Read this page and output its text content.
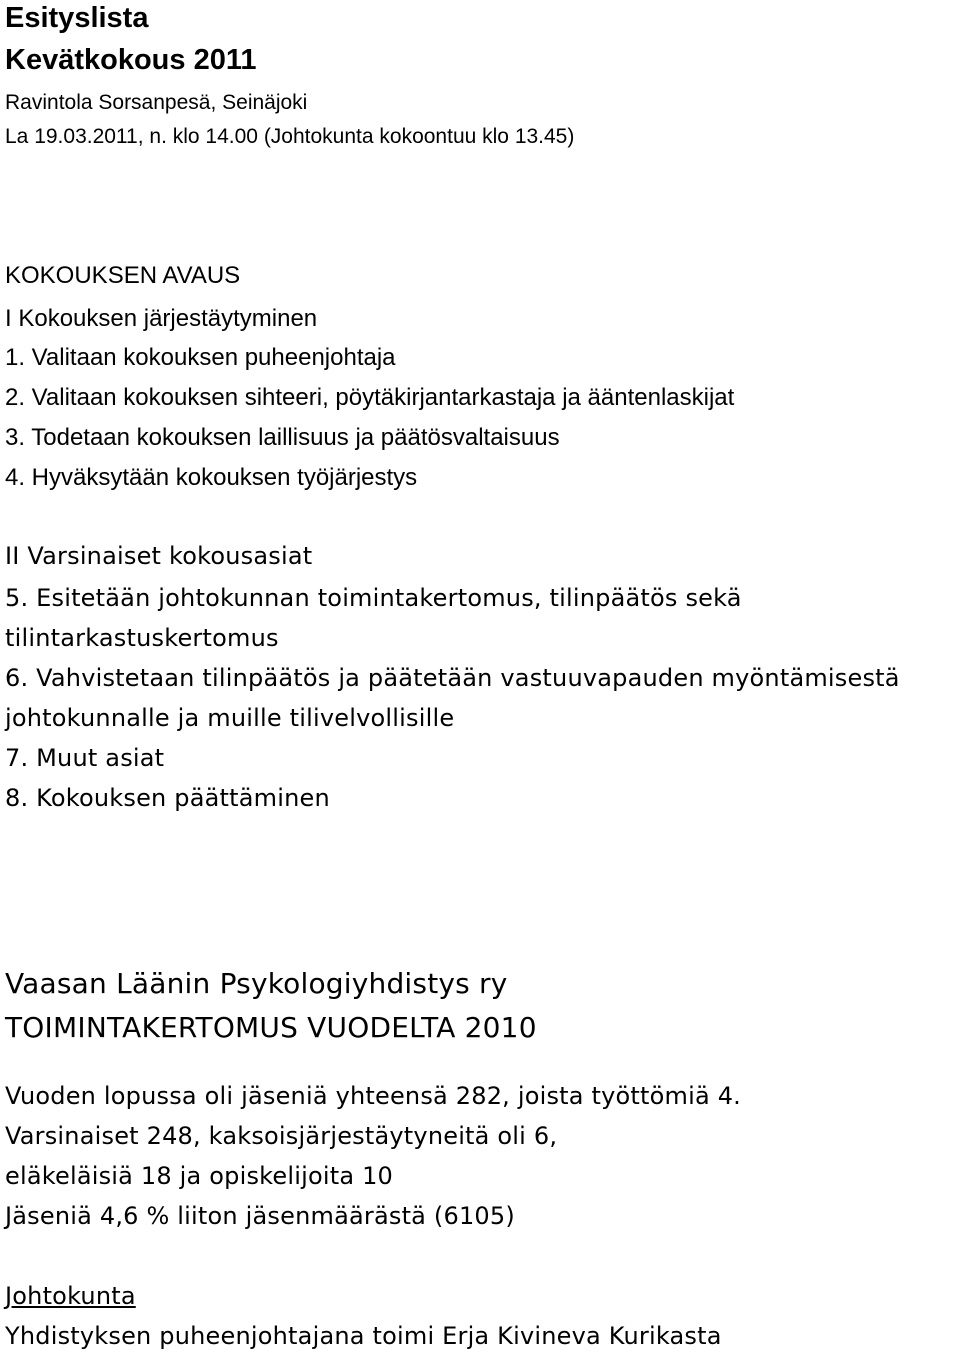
Esityslista
Kevätkokous 2011
Ravintola Sorsanpesä, Seinäjoki
La 19.03.2011, n. klo 14.00 (Johtokunta kokoontuu klo 13.45)
KOKOUKSEN AVAUS
I Kokouksen järjestäytyminen
1. Valitaan kokouksen puheenjohtaja
2. Valitaan kokouksen sihteeri, pöytäkirjantarkastaja ja ääntenlaskijat
3. Todetaan kokouksen laillisuus ja päätösvaltaisuus
4. Hyväksytään kokouksen työjärjestys
II Varsinaiset kokousasiat
5. Esitetään johtokunnan toimintakertomus, tilinpäätös sekä
tilintarkastuskertomus
6. Vahvistetaan tilinpäätös ja päätetään vastuuvapauden myöntämisestä
johtokunnalle ja muille tilivelvollisille
7. Muut asiat
8. Kokouksen päättäminen
Vaasan Läänin Psykologiyhdistys ry
TOIMINTAKERTOMUS VUODELTA 2010
Vuoden lopussa oli jäseniä yhteensä 282, joista työttömiä 4.
Varsinaiset 248, kaksoisjärjestäytyneitä oli 6,
eläkeläisiä 18 ja opiskelijoita 10
Jäseniä 4,6 % liiton jäsenmäärästä (6105)
Johtokunta
Yhdistyksen puheenjohtajana toimi Erja Kivineva Kurikasta
